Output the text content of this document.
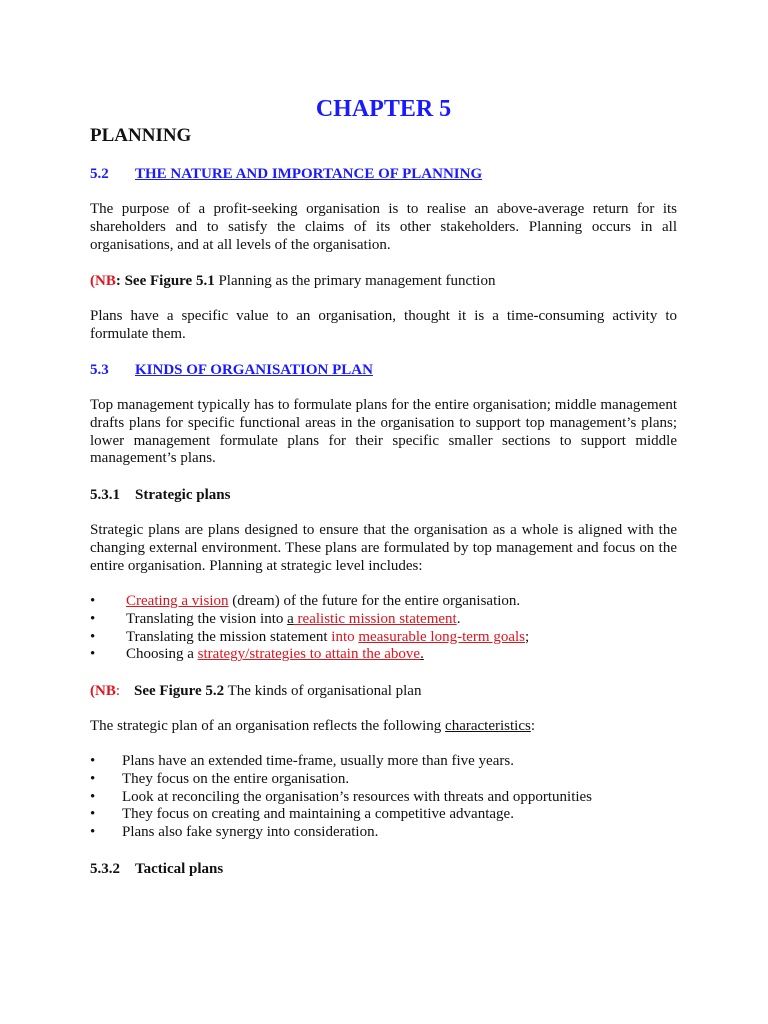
CHAPTER 5
PLANNING
5.2 THE NATURE AND IMPORTANCE OF PLANNING
The purpose of a profit-seeking organisation is to realise an above-average return for its shareholders and to satisfy the claims of its other stakeholders. Planning occurs in all organisations, and at all levels of the organisation.
(NB: See Figure 5.1 Planning as the primary management function
Plans have a specific value to an organisation, thought it is a time-consuming activity to formulate them.
5.3 KINDS OF ORGANISATION PLAN
Top management typically has to formulate plans for the entire organisation; middle management drafts plans for specific functional areas in the organisation to support top management’s plans; lower management formulate plans for their specific smaller sections to support middle management’s plans.
5.3.1 Strategic plans
Strategic plans are plans designed to ensure that the organisation as a whole is aligned with the changing external environment. These plans are formulated by top management and focus on the entire organisation. Planning at strategic level includes:
• Creating a vision (dream) of the future for the entire organisation.
• Translating the vision into a realistic mission statement.
• Translating the mission statement into measurable long-term goals;
• Choosing a strategy/strategies to attain the above.
(NB: See Figure 5.2 The kinds of organisational plan
The strategic plan of an organisation reflects the following characteristics:
• Plans have an extended time-frame, usually more than five years.
• They focus on the entire organisation.
• Look at reconciling the organisation’s resources with threats and opportunities
• They focus on creating and maintaining a competitive advantage.
• Plans also fake synergy into consideration.
5.3.2 Tactical plans
